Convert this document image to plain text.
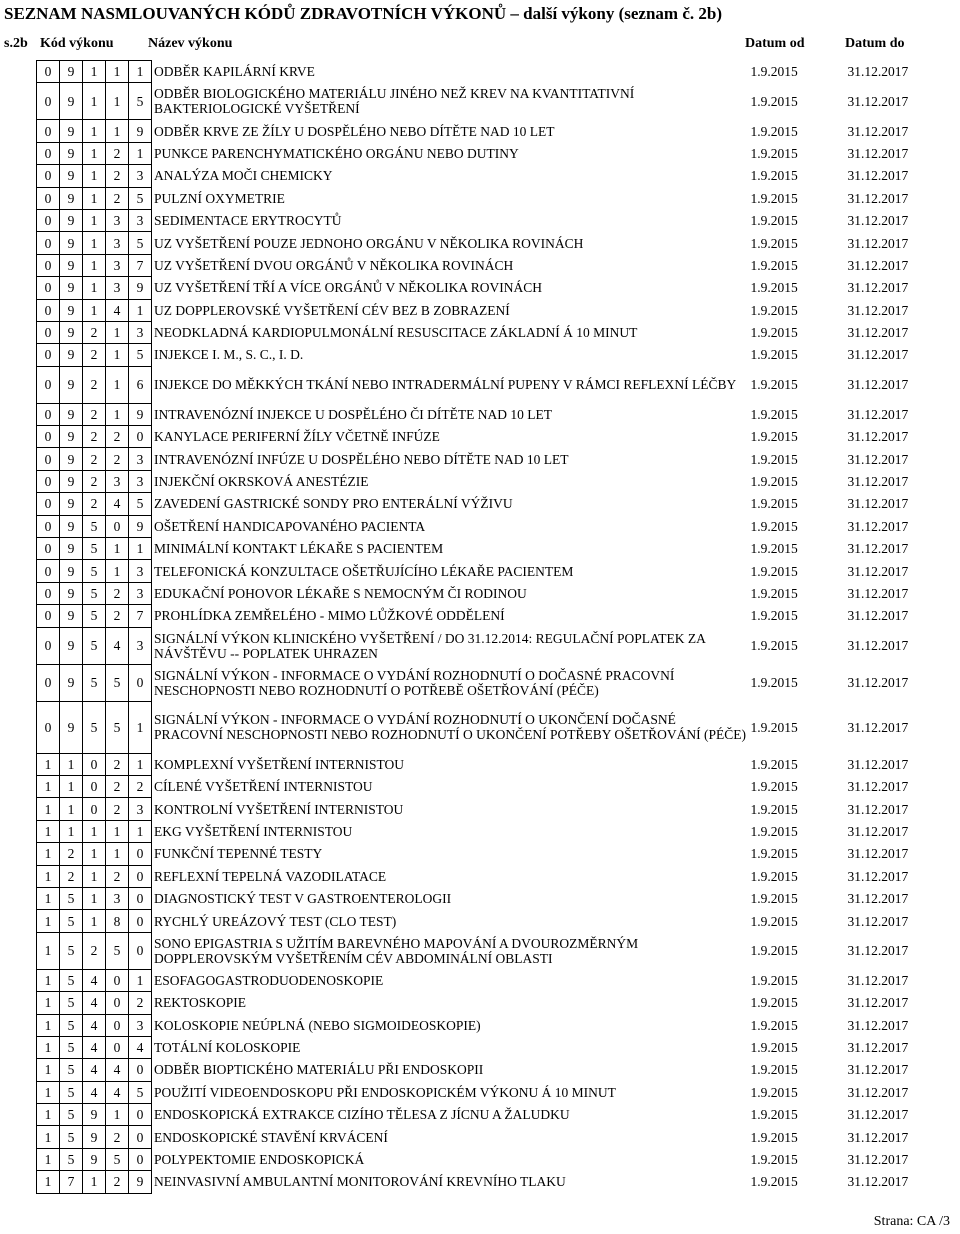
SEZNAM NASMLOUVANÝCH KÓDŮ ZDRAVOTNÍCH VÝKONŮ – další výkony (seznam č. 2b)
s.2b Kód výkonu Název výkonu	Datum od	Datum do
0	9	1	1	1	ODBĚR KAPILÁRNÍ KRVE	1.9.2015	31.12.2017
0	9	1	1	5	ODBĚR BIOLOGICKÉHO MATERIÁLU JINÉHO NEŽ KREV NA KVANTITATIVNÍ BAKTERIOLOGICKÉ VYŠETŘENÍ	1.9.2015	31.12.2017
0	9	1	1	9	ODBĚR KRVE ZE ŽÍLY U DOSPĚLÉHO NEBO DÍTĚTE NAD 10 LET	1.9.2015	31.12.2017
0	9	1	2	1	PUNKCE PARENCHYMATICKÉHO ORGÁNU NEBO DUTINY	1.9.2015	31.12.2017
0	9	1	2	3	ANALÝZA MOČI CHEMICKY	1.9.2015	31.12.2017
0	9	1	2	5	PULZNÍ OXYMETRIE	1.9.2015	31.12.2017
0	9	1	3	3	SEDIMENTACE ERYTROCYTŮ	1.9.2015	31.12.2017
0	9	1	3	5	UZ VYŠETŘENÍ POUZE JEDNOHO ORGÁNU V NĚKOLIKA ROVINÁCH	1.9.2015	31.12.2017
0	9	1	3	7	UZ VYŠETŘENÍ DVOU ORGÁNŮ V NĚKOLIKA ROVINÁCH	1.9.2015	31.12.2017
0	9	1	3	9	UZ VYŠETŘENÍ TŘÍ A VÍCE ORGÁNŮ V NĚKOLIKA ROVINÁCH	1.9.2015	31.12.2017
0	9	1	4	1	UZ DOPPLEROVSKÉ VYŠETŘENÍ CÉV BEZ B ZOBRAZENÍ	1.9.2015	31.12.2017
0	9	2	1	3	NEODKLADNÁ KARDIOPULMONÁLNÍ RESUSCITACE ZÁKLADNÍ Á 10 MINUT	1.9.2015	31.12.2017
0	9	2	1	5	INJEKCE I. M., S. C., I. D.	1.9.2015	31.12.2017
0	9	2	1	6	INJEKCE DO MĚKKÝCH TKÁNÍ NEBO INTRADERMÁLNÍ PUPENY V RÁMCI REFLEXNÍ LÉČBY	1.9.2015	31.12.2017
0	9	2	1	9	INTRAVENÓZNÍ INJEKCE U DOSPĚLÉHO ČI DÍTĚTE NAD 10 LET	1.9.2015	31.12.2017
0	9	2	2	0	KANYLACE PERIFERNÍ ŽÍLY VČETNĚ INFÚZE	1.9.2015	31.12.2017
0	9	2	2	3	INTRAVENÓZNÍ INFÚZE U DOSPĚLÉHO NEBO DÍTĚTE NAD 10 LET	1.9.2015	31.12.2017
0	9	2	3	3	INJEKČNÍ OKRSKOVÁ ANESTÉZIE	1.9.2015	31.12.2017
0	9	2	4	5	ZAVEDENÍ GASTRICKÉ SONDY PRO ENTERÁLNÍ VÝŽIVU	1.9.2015	31.12.2017
0	9	5	0	9	OŠETŘENÍ HANDICAPOVANÉHO PACIENTA	1.9.2015	31.12.2017
0	9	5	1	1	MINIMÁLNÍ KONTAKT LÉKAŘE S PACIENTEM	1.9.2015	31.12.2017
0	9	5	1	3	TELEFONICKÁ KONZULTACE OŠETŘUJÍCÍHO LÉKAŘE PACIENTEM	1.9.2015	31.12.2017
0	9	5	2	3	EDUKAČNÍ POHOVOR LÉKAŘE S NEMOCNÝM ČI RODINOU	1.9.2015	31.12.2017
0	9	5	2	7	PROHLÍDKA ZEMŘELÉHO - MIMO LŮŽKOVÉ ODDĚLENÍ	1.9.2015	31.12.2017
0	9	5	4	3	SIGNÁLNÍ VÝKON KLINICKÉHO VYŠETŘENÍ / DO 31.12.2014: REGULAČNÍ POPLATEK ZA NÁVŠTĚVU -- POPLATEK UHRAZEN	1.9.2015	31.12.2017
0	9	5	5	0	SIGNÁLNÍ VÝKON - INFORMACE O VYDÁNÍ ROZHODNUTÍ O DOČASNÉ PRACOVNÍ NESCHOPNOSTI NEBO ROZHODNUTÍ O POTŘEBĚ OŠETŘOVÁNÍ (PÉČE)	1.9.2015	31.12.2017
0	9	5	5	1	SIGNÁLNÍ VÝKON - INFORMACE O VYDÁNÍ ROZHODNUTÍ O UKONČENÍ DOČASNÉ PRACOVNÍ NESCHOPNOSTI NEBO ROZHODNUTÍ O UKONČENÍ POTŘEBY OŠETŘOVÁNÍ (PÉČE)	1.9.2015	31.12.2017
1	1	0	2	1	KOMPLEXNÍ VYŠETŘENÍ INTERNISTOU	1.9.2015	31.12.2017
1	1	0	2	2	CÍLENÉ VYŠETŘENÍ INTERNISTOU	1.9.2015	31.12.2017
1	1	0	2	3	KONTROLNÍ VYŠETŘENÍ INTERNISTOU	1.9.2015	31.12.2017
1	1	1	1	1	EKG VYŠETŘENÍ INTERNISTOU	1.9.2015	31.12.2017
1	2	1	1	0	FUNKČNÍ TEPENNÉ TESTY	1.9.2015	31.12.2017
1	2	1	2	0	REFLEXNÍ TEPELNÁ VAZODILATACE	1.9.2015	31.12.2017
1	5	1	3	0	DIAGNOSTICKÝ TEST V GASTROENTEROLOGII	1.9.2015	31.12.2017
1	5	1	8	0	RYCHLÝ UREÁZOVÝ TEST (CLO TEST)	1.9.2015	31.12.2017
1	5	2	5	0	SONO EPIGASTRIA S UŽITÍM BAREVNÉHO MAPOVÁNÍ A DVOUROZMĚRNÝM DOPPLEROVSKÝM VYŠETŘENÍM CÉV ABDOMINÁLNÍ OBLASTI	1.9.2015	31.12.2017
1	5	4	0	1	ESOFAGOGASTRODUODENOSKOPIE	1.9.2015	31.12.2017
1	5	4	0	2	REKTOSKOPIE	1.9.2015	31.12.2017
1	5	4	0	3	KOLOSKOPIE NEÚPLNÁ (NEBO SIGMOIDEOSKOPIE)	1.9.2015	31.12.2017
1	5	4	0	4	TOTÁLNÍ KOLOSKOPIE	1.9.2015	31.12.2017
1	5	4	4	0	ODBĚR BIOPTICKÉHO MATERIÁLU PŘI ENDOSKOPII	1.9.2015	31.12.2017
1	5	4	4	5	POUŽITÍ VIDEOENDOSKOPU PŘI ENDOSKOPICKÉM VÝKONU Á 10 MINUT	1.9.2015	31.12.2017
1	5	9	1	0	ENDOSKOPICKÁ EXTRAKCE CIZÍHO TĚLESA Z JÍCNU A ŽALUDKU	1.9.2015	31.12.2017
1	5	9	2	0	ENDOSKOPICKÉ STAVĚNÍ KRVÁCENÍ	1.9.2015	31.12.2017
1	5	9	5	0	POLYPEKTOMIE ENDOSKOPICKÁ	1.9.2015	31.12.2017
1	7	1	2	9	NEINVASIVNÍ AMBULANTNÍ MONITOROVÁNÍ KREVNÍHO TLAKU	1.9.2015	31.12.2017
Strana: CA /3
